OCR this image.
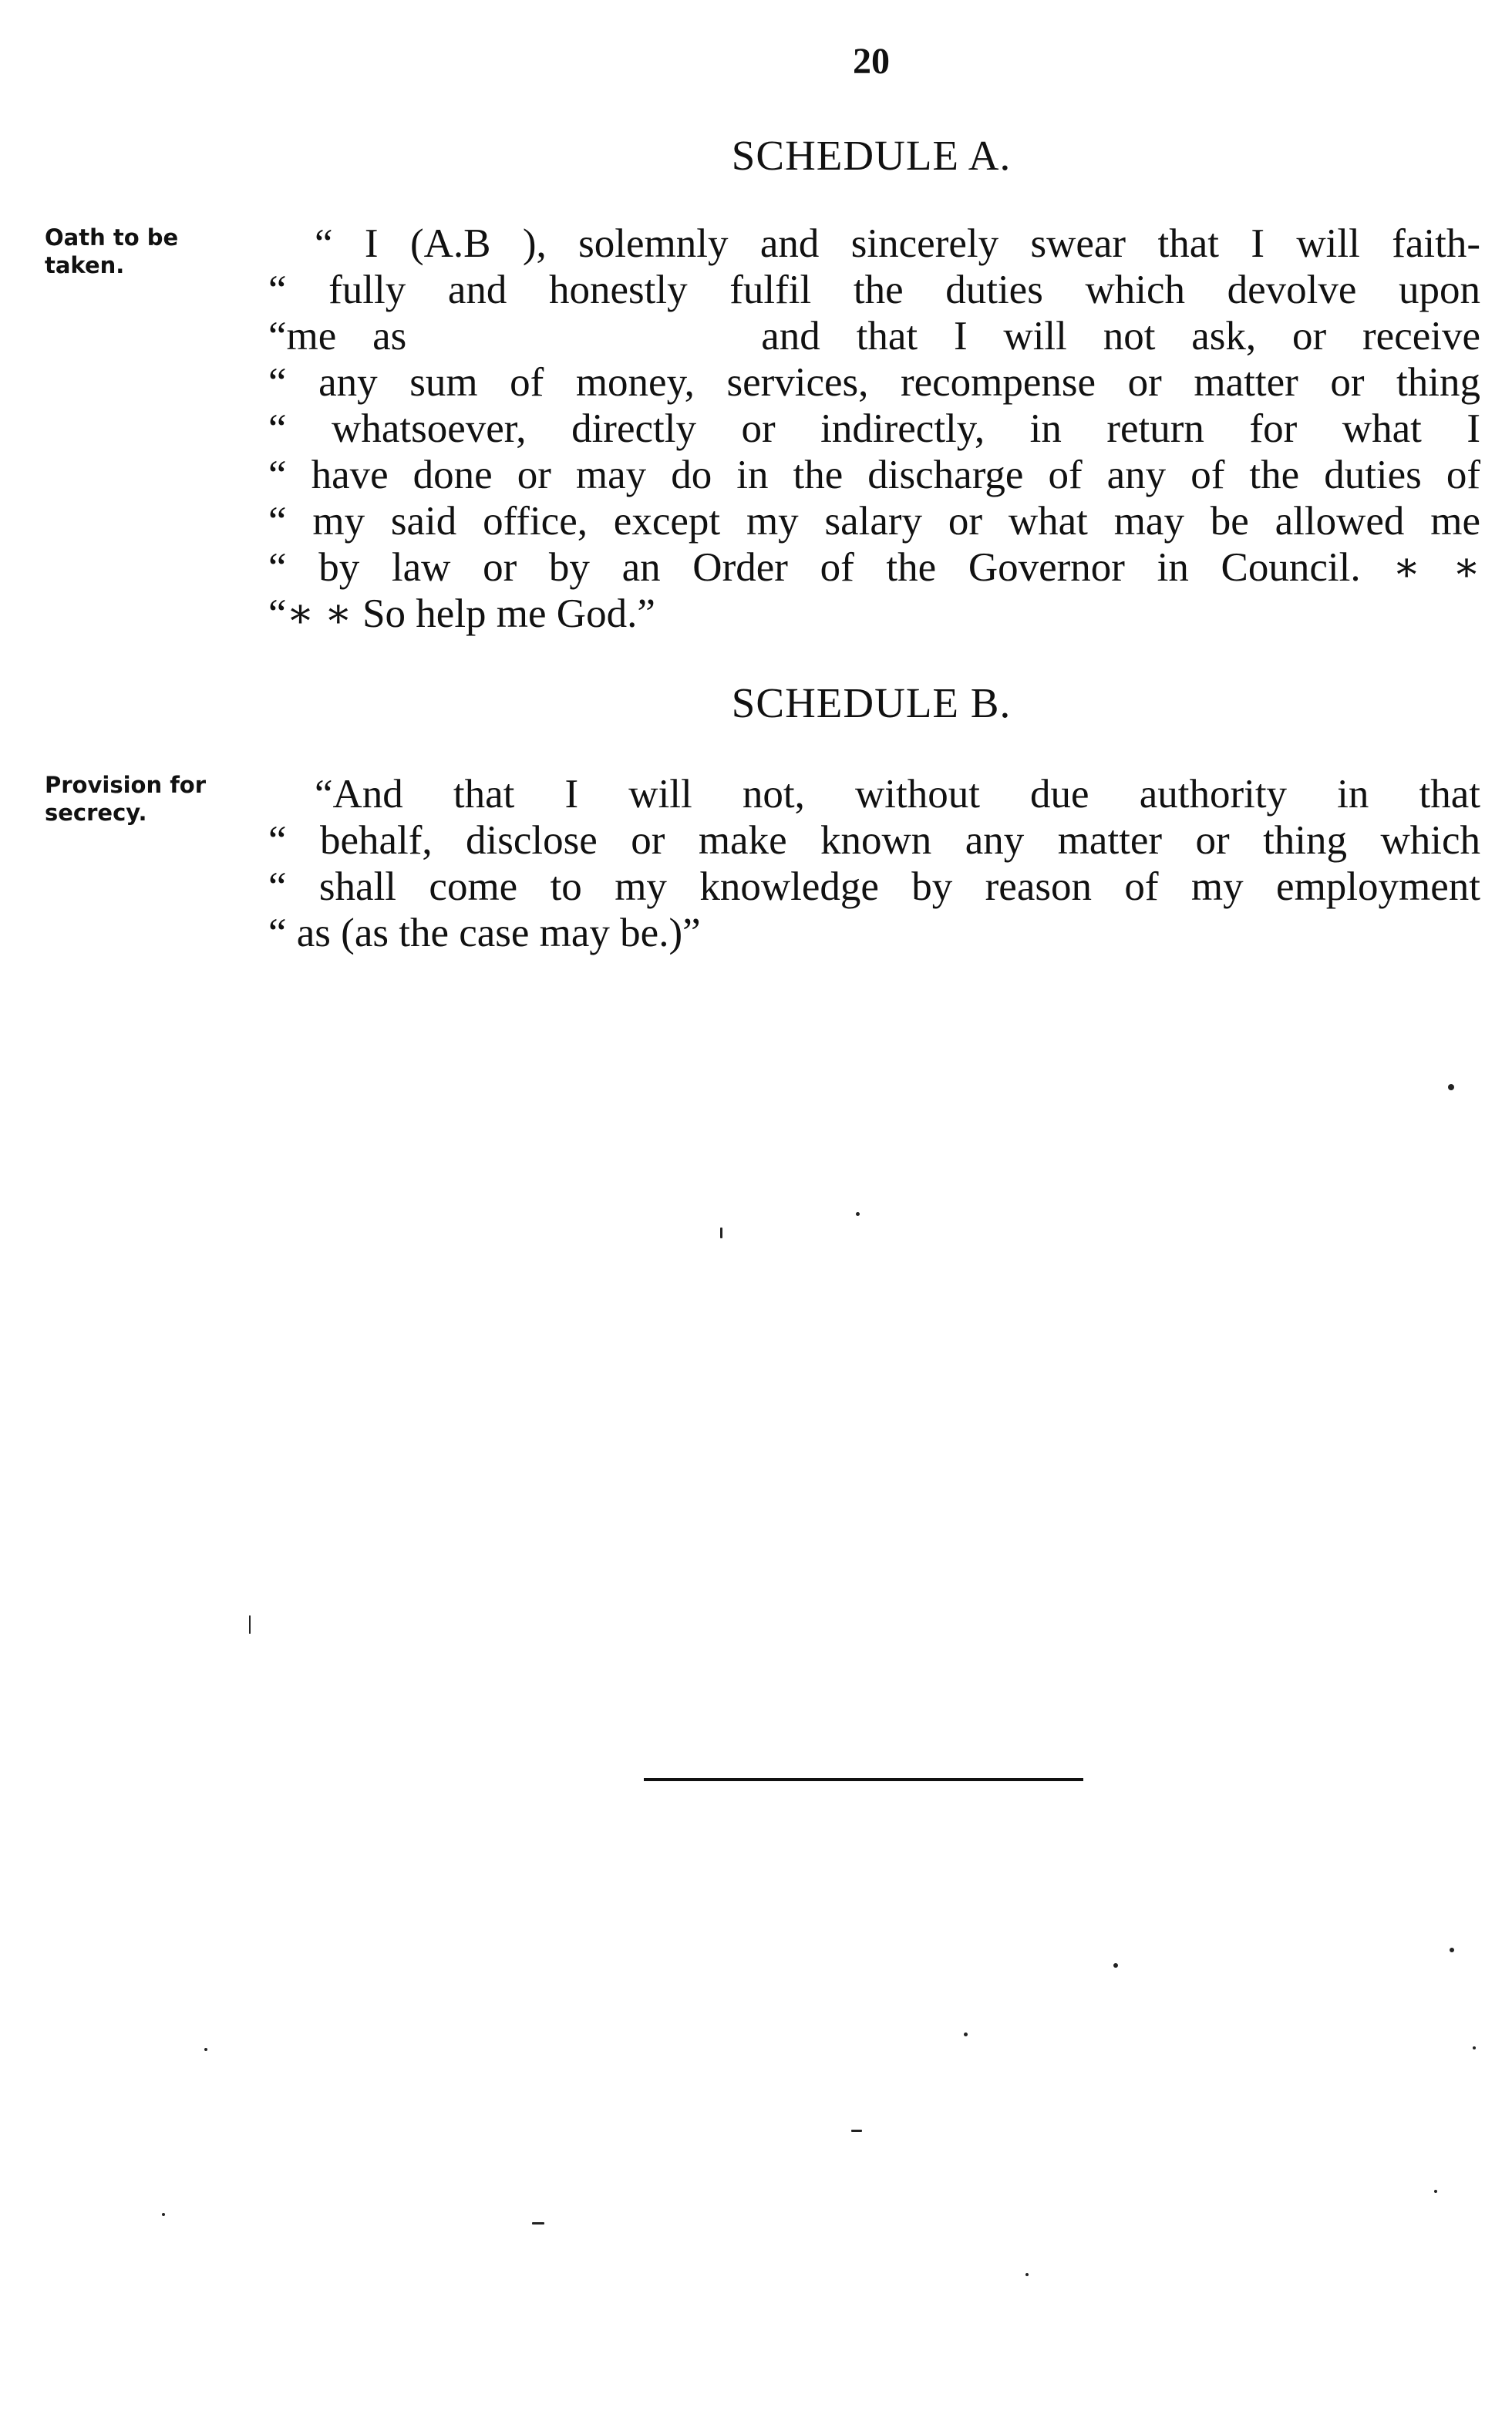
20
SCHEDULE A.
Oath to be
taken.	“ I (A.B ), solemnly and sincerely swear that I will faith-
“ fully and honestly fulfil the duties which devolve upon
“me as	and that I will not ask, or receive
“ any sum of money, services, recompense or matter or thing
“ whatsoever, directly or indirectly, in return for what I
“ have done or may do in the discharge of any of the duties of
“ my said office, except my salary or what may be allowed me
“ by law or by an Order of the Governor in Council. ∗ ∗
“∗ ∗ So help me God.”
SCHEDULE B.
Provision for
secrecy.	“And that I will not, without due authority in that
“ behalf, disclose or make known any matter or thing which
“ shall come to my knowledge by reason of my employment
“ as (as the case may be.)”
